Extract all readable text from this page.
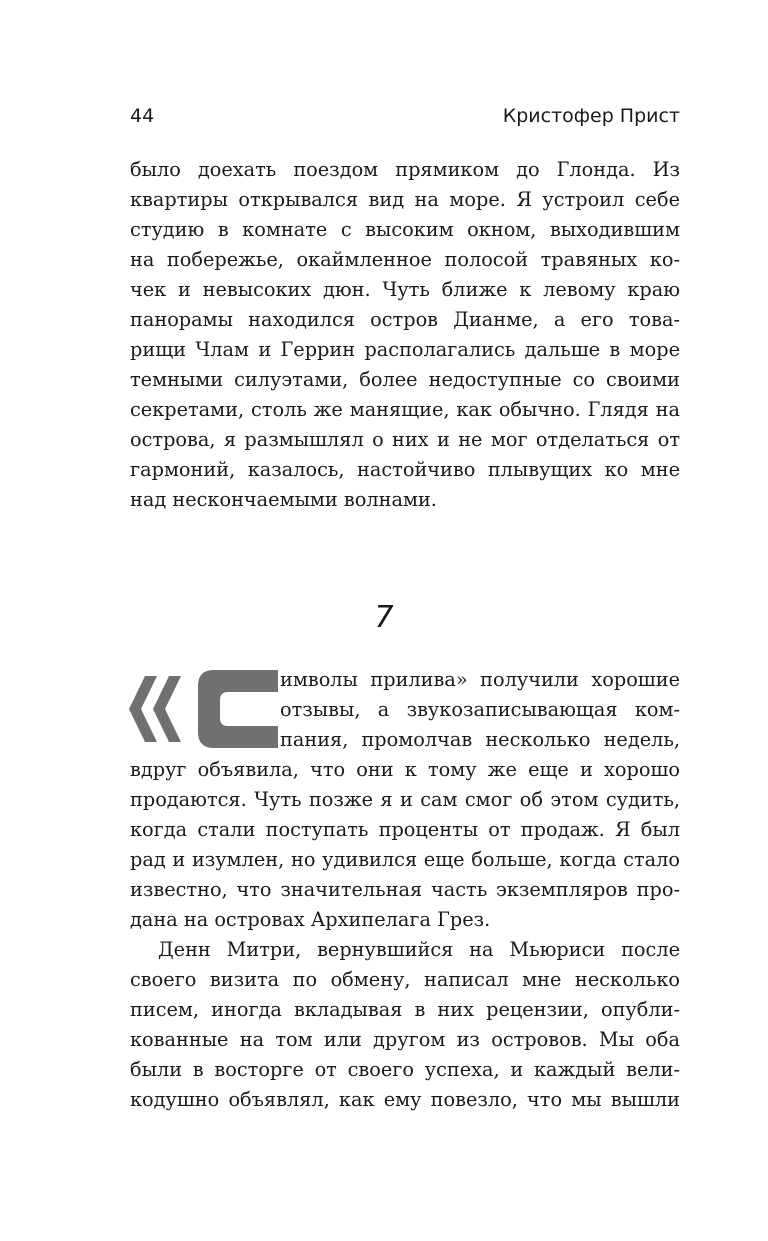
44	Кристофер Прист
было доехать поездом прямиком до Глонда. Из
квартиры открывался вид на море. Я устроил себе
студию в комнате с высоким окном, выходившим
на побережье, окаймленное полосой травяных ко-
чек и невысоких дюн. Чуть ближе к левому краю
панорамы находился остров Дианме, а его това-
рищи Члам и Геррин располагались дальше в море
темными силуэтами, более недоступные со своими
секретами, столь же манящие, как обычно. Глядя на
острова, я размышлял о них и не мог отделаться от
гармоний, казалось, настойчиво плывущих ко мне
над нескончаемыми волнами.
7
имволы прилива» получили хорошие
отзывы, а звукозаписывающая ком-
пания, промолчав несколько недель,
вдруг объявила, что они к тому же еще и хорошо
продаются. Чуть позже я и сам смог об этом судить,
когда стали поступать проценты от продаж. Я был
рад и изумлен, но удивился еще больше, когда стало
известно, что значительная часть экземпляров про-
дана на островах Архипелага Грез.
Денн Митри, вернувшийся на Мьюриси после
своего визита по обмену, написал мне несколько
писем, иногда вкладывая в них рецензии, опубли-
кованные на том или другом из островов. Мы оба
были в восторге от своего успеха, и каждый вели-
кодушно объявлял, как ему повезло, что мы вышли
